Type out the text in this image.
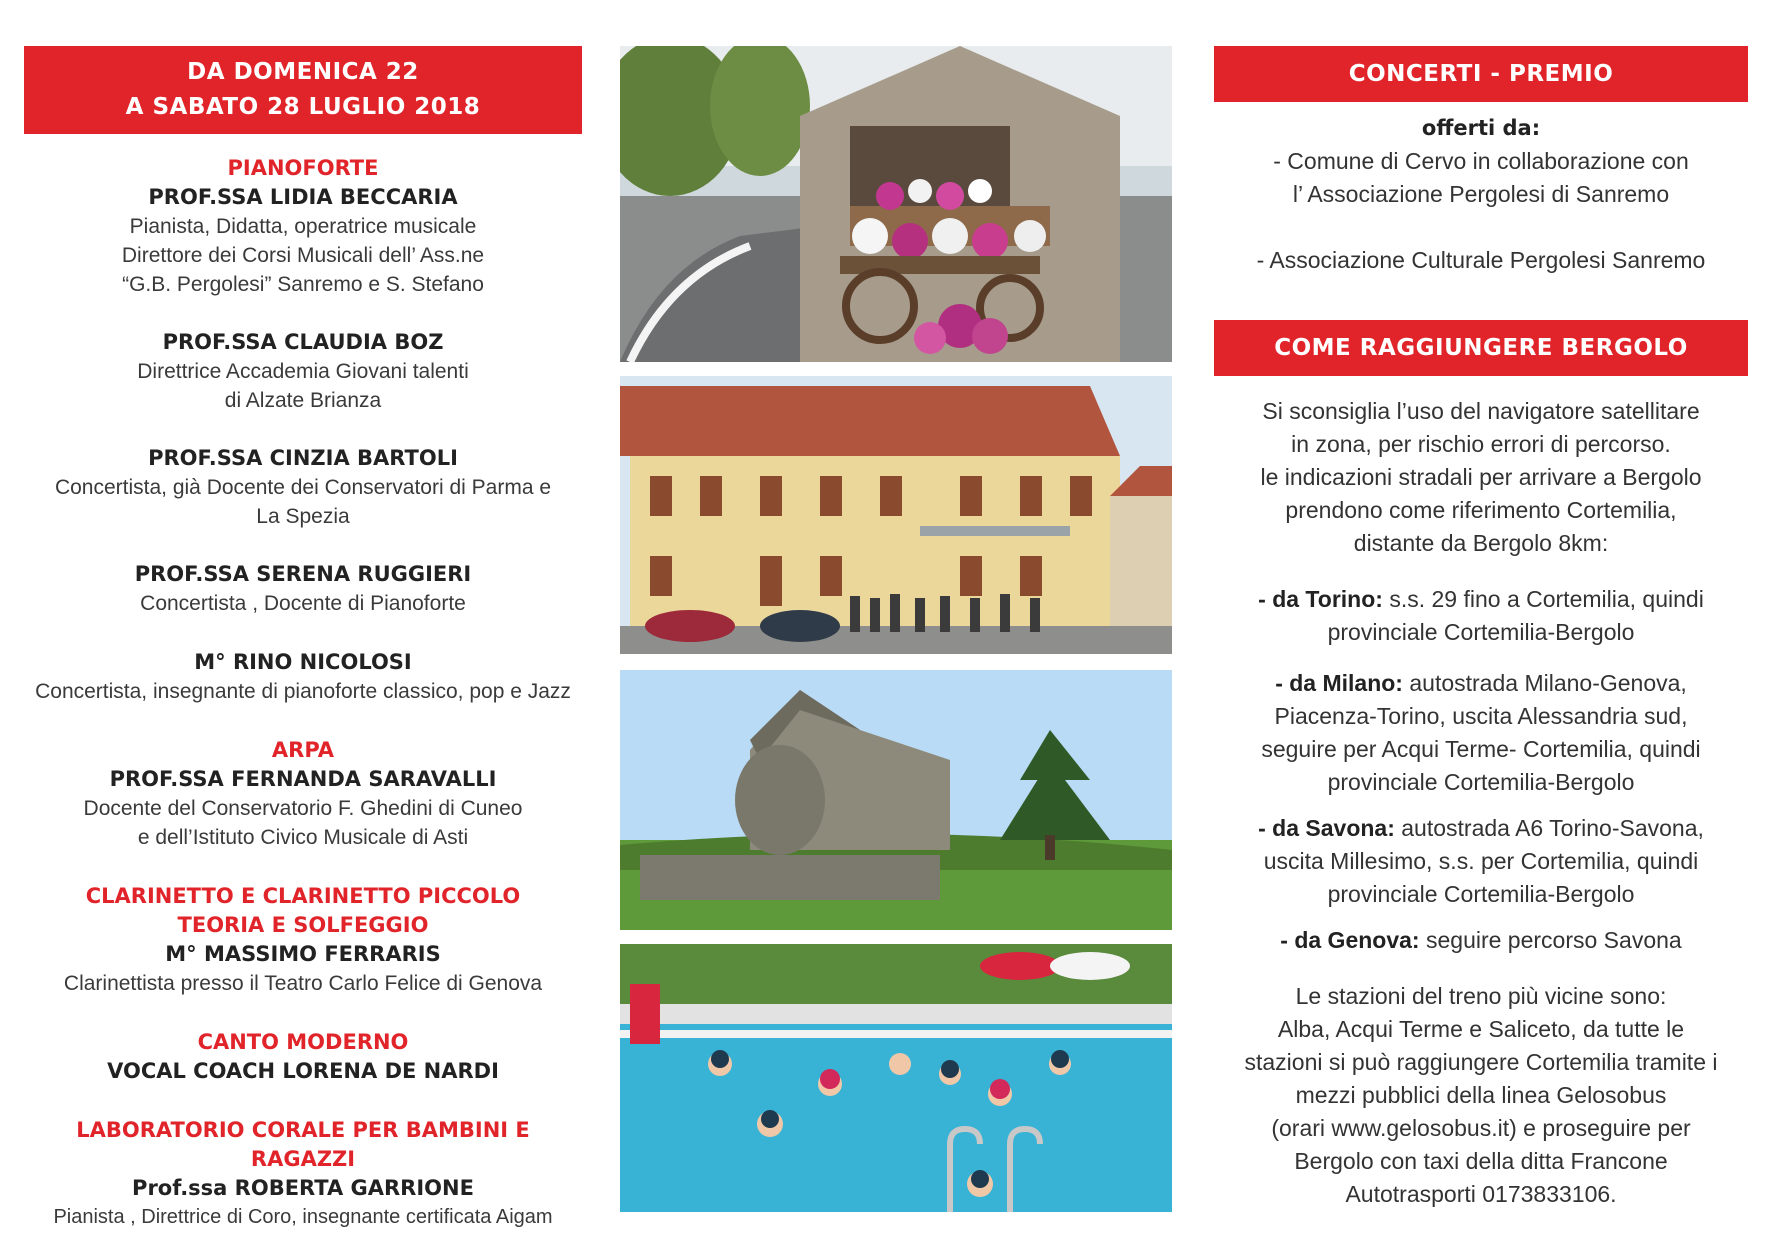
DA DOMENICA 22
A SABATO 28 LUGLIO 2018
PIANOFORTE
PROF.SSA LIDIA BECCARIA
Pianista, Didatta, operatrice musicale
Direttore dei Corsi Musicali dell’ Ass.ne
“G.B. Pergolesi” Sanremo e S. Stefano
PROF.SSA CLAUDIA BOZ
Direttrice Accademia Giovani talenti
di Alzate Brianza
PROF.SSA CINZIA BARTOLI
Concertista, già Docente dei Conservatori di Parma e
La Spezia
PROF.SSA SERENA RUGGIERI
Concertista , Docente di Pianoforte
M° RINO NICOLOSI
Concertista, insegnante di pianoforte classico, pop e Jazz
ARPA
PROF.SSA FERNANDA SARAVALLI
Docente del Conservatorio F. Ghedini di Cuneo
e dell’Istituto Civico Musicale di Asti
CLARINETTO E CLARINETTO PICCOLO
TEORIA E SOLFEGGIO
M° MASSIMO FERRARIS
Clarinettista presso il Teatro Carlo Felice di Genova
CANTO MODERNO
VOCAL COACH LORENA DE NARDI
LABORATORIO CORALE PER BAMBINI E RAGAZZI
Prof.ssa ROBERTA GARRIONE
Pianista , Direttrice di Coro, insegnante certificata Aigam
CONCERTI - PREMIO
offerti da:
- Comune di Cervo in collaborazione con
l’ Associazione Pergolesi di Sanremo
- Associazione Culturale Pergolesi Sanremo
COME RAGGIUNGERE BERGOLO
Si sconsiglia l’uso del navigatore satellitare
in zona, per rischio errori di percorso.
le indicazioni stradali per arrivare a Bergolo
prendono come riferimento Cortemilia,
distante da Bergolo 8km:
- da Torino: s.s. 29 fino a Cortemilia, quindi
provinciale Cortemilia-Bergolo
- da Milano: autostrada Milano-Genova,
Piacenza-Torino, uscita Alessandria sud,
seguire per Acqui Terme- Cortemilia, quindi
provinciale Cortemilia-Bergolo
- da Savona: autostrada A6 Torino-Savona,
uscita Millesimo, s.s. per Cortemilia, quindi
provinciale Cortemilia-Bergolo
- da Genova: seguire percorso Savona
Le stazioni del treno più vicine sono:
Alba, Acqui Terme e Saliceto, da tutte le
stazioni si può raggiungere Cortemilia tramite i
mezzi pubblici della linea Gelosobus
(orari www.gelosobus.it) e proseguire per
Bergolo con taxi della ditta Francone
Autotrasporti 0173833106.
